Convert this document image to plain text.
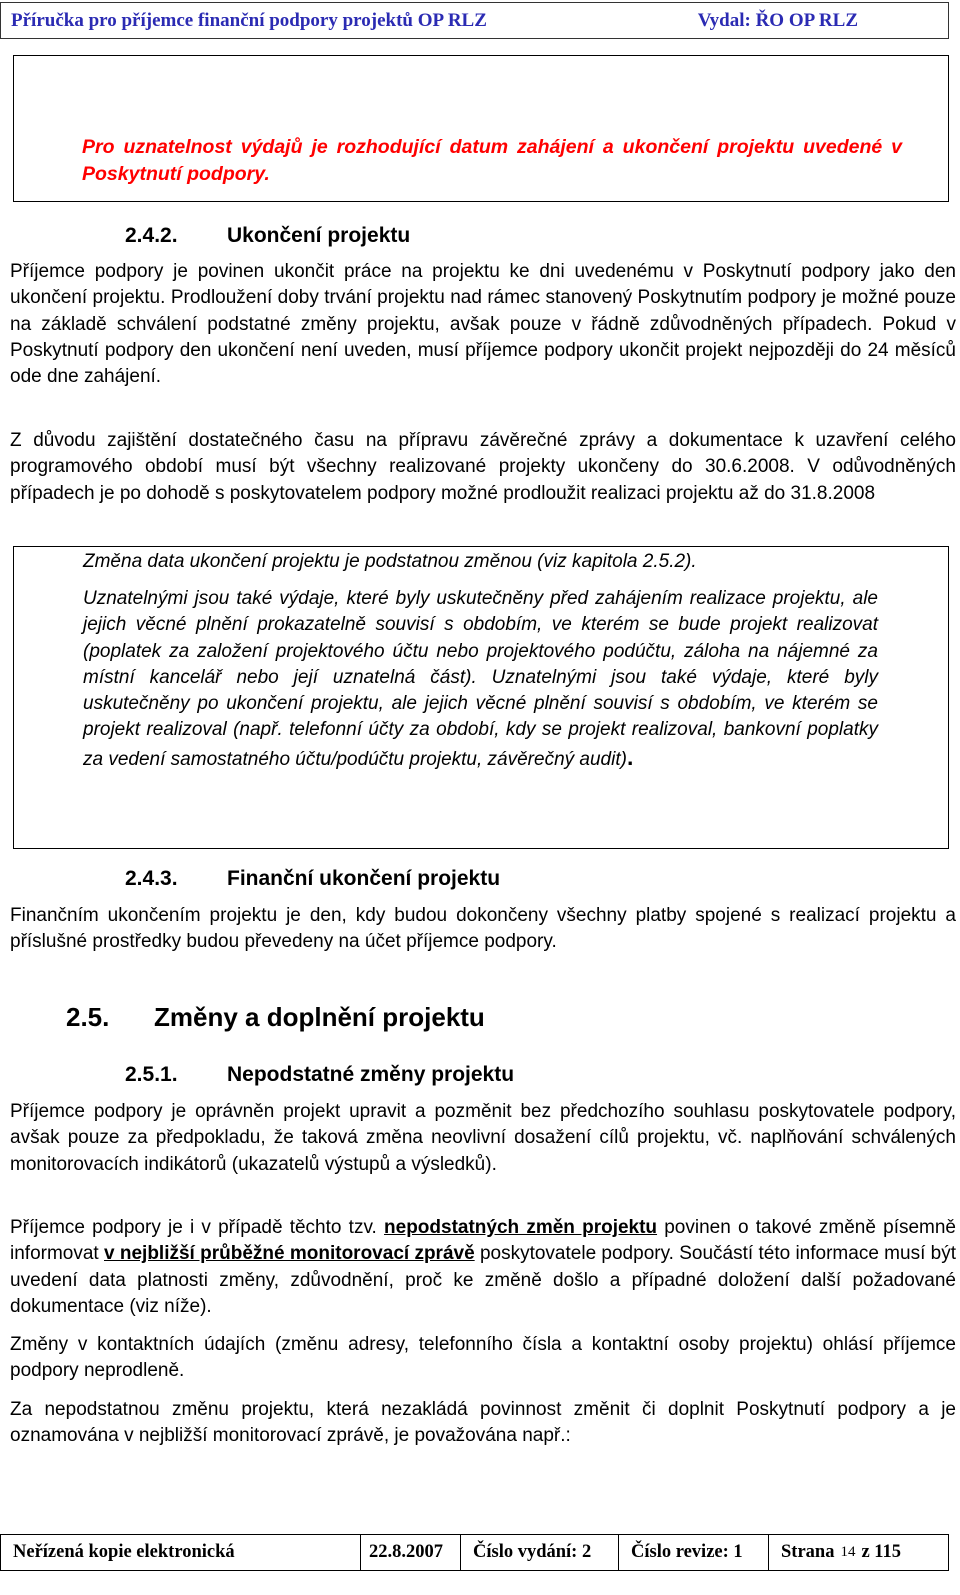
Příručka pro příjemce finanční podpory projektů OP RLZ	Vydal: ŘO OP RLZ

Pro uznatelnost výdajů je rozhodující datum zahájení a ukončení projektu uvedené v Poskytnutí podpory.

2.4.2. Ukončení projektu

Příjemce podpory je povinen ukončit práce na projektu ke dni uvedenému v Poskytnutí podpory jako den ukončení projektu. Prodloužení doby trvání projektu nad rámec stanovený Poskytnutím podpory je možné pouze na základě schválení podstatné změny projektu, avšak pouze v řádně zdůvodněných případech. Pokud v Poskytnutí podpory den ukončení není uveden, musí příjemce podpory ukončit projekt nejpozději do 24 měsíců ode dne zahájení.

Z důvodu zajištění dostatečného času na přípravu závěrečné zprávy a dokumentace k uzavření celého programového období musí být všechny realizované projekty ukončeny do 30.6.2008. V odůvodněných případech je po dohodě s poskytovatelem podpory možné prodloužit realizaci projektu až do 31.8.2008

Změna data ukončení projektu je podstatnou změnou (viz kapitola 2.5.2).

Uznatelnými jsou také výdaje, které byly uskutečněny před zahájením realizace projektu, ale jejich věcné plnění prokazatelně souvisí s obdobím, ve kterém se bude projekt realizovat (poplatek za založení projektového účtu nebo projektového podúčtu, záloha na nájemné za místní kancelář nebo její uznatelná část). Uznatelnými jsou také výdaje, které byly uskutečněny po ukončení projektu, ale jejich věcné plnění souvisí s obdobím, ve kterém se projekt realizoval (např. telefonní účty za období, kdy se projekt realizoval, bankovní poplatky za vedení samostatného účtu/podúčtu projektu, závěrečný audit).

2.4.3. Finanční ukončení projektu

Finančním ukončením projektu je den, kdy budou dokončeny všechny platby spojené s realizací projektu a příslušné prostředky budou převedeny na účet příjemce podpory.

2.5. Změny a doplnění projektu
2.5.1. Nepodstatné změny projektu

Příjemce podpory je oprávněn projekt upravit a pozměnit bez předchozího souhlasu poskytovatele podpory, avšak pouze za předpokladu, že taková změna neovlivní dosažení cílů projektu, vč. naplňování schválených monitorovacích indikátorů (ukazatelů výstupů a výsledků).

Příjemce podpory je i v případě těchto tzv. nepodstatných změn projektu povinen o takové změně písemně informovat v nejbližší průběžné monitorovací zprávě poskytovatele podpory. Součástí této informace musí být uvedení data platnosti změny, zdůvodnění, proč ke změně došlo a případné doložení další požadované dokumentace (viz níže).

Změny v kontaktních údajích (změnu adresy, telefonního čísla a kontaktní osoby projektu) ohlásí příjemce podpory neprodleně.

Za nepodstatnou změnu projektu, která nezakládá povinnost změnit či doplnit Poskytnutí podpory a je oznamována v nejbližší monitorovací zprávě, je považována např.:

Neřízená kopie elektronická	22.8.2007	Číslo vydání: 2	Číslo revize: 1	Strana 14 z 115
